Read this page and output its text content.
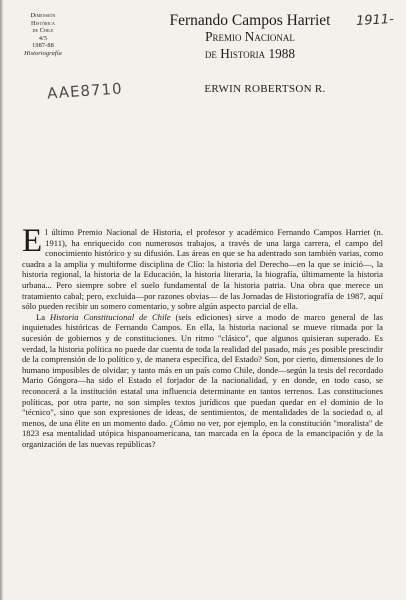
Dimensión
Histórica
de Chile
4/5
1987-88
Historiografía
Fernando Campos Harriet
Premio Nacional
de Historia 1988
1911-
ERWIN ROBERTSON R.
AAE8710

El último Premio Nacional de Historia, el profesor y académico Fernando Campos Harriet (n. 1911), ha enriquecido con numerosos trabajos, a través de una larga carrera, el campo del conocimiento histórico y su difusión. Las áreas en que se ha adentrado son también varias, como cuadra a la amplia y multiforme disciplina de Clío: la historia del Derecho—en la que se inició—, la historia regional, la historia de la Educación, la historia literaria, la biografía, últimamente la historia urbana... Pero siempre sobre el suelo fundamental de la historia patria. Una obra que merece un tratamiento cabal; pero, excluida—por razones obvias— de las Jornadas de Historiografía de 1987, aquí sólo pueden recibir un somero comentario, y sobre algún aspecto parcial de ella.

La Historia Constitucional de Chile (seis ediciones) sirve a modo de marco general de las inquietudes históricas de Fernando Campos. En ella, la historia nacional se mueve ritmada por la sucesión de gobiernos y de constituciones. Un ritmo "clásico", que algunos quisieran superado. Es verdad, la historia política no puede dar cuenta de toda la realidad del pasado, más ¿es posible prescindir de la comprensión de lo político y, de manera específica, del Estado? Son, por cierto, dimensiones de lo humano imposibles de olvidar; y tanto más en un país como Chile, donde—según la tesis del recordado Mario Góngora—ha sido el Estado el forjador de la nacionalidad, y en donde, en todo caso, se reconocerá a la institución estatal una influencia determinante en tantos terrenos. Las constituciones políticas, por otra parte, no son simples textos jurídicos que puedan quedar en el dominio de lo "técnico", sino que son expresiones de ideas, de sentimientos, de mentalidades de la sociedad o, al menos, de una élite en un momento dado. ¿Cómo no ver, por ejemplo, en la constitución "moralista" de 1823 esa mentalidad utópica hispanoamericana, tan marcada en la época de la emancipación y de la organización de las nuevas repúblicas?
